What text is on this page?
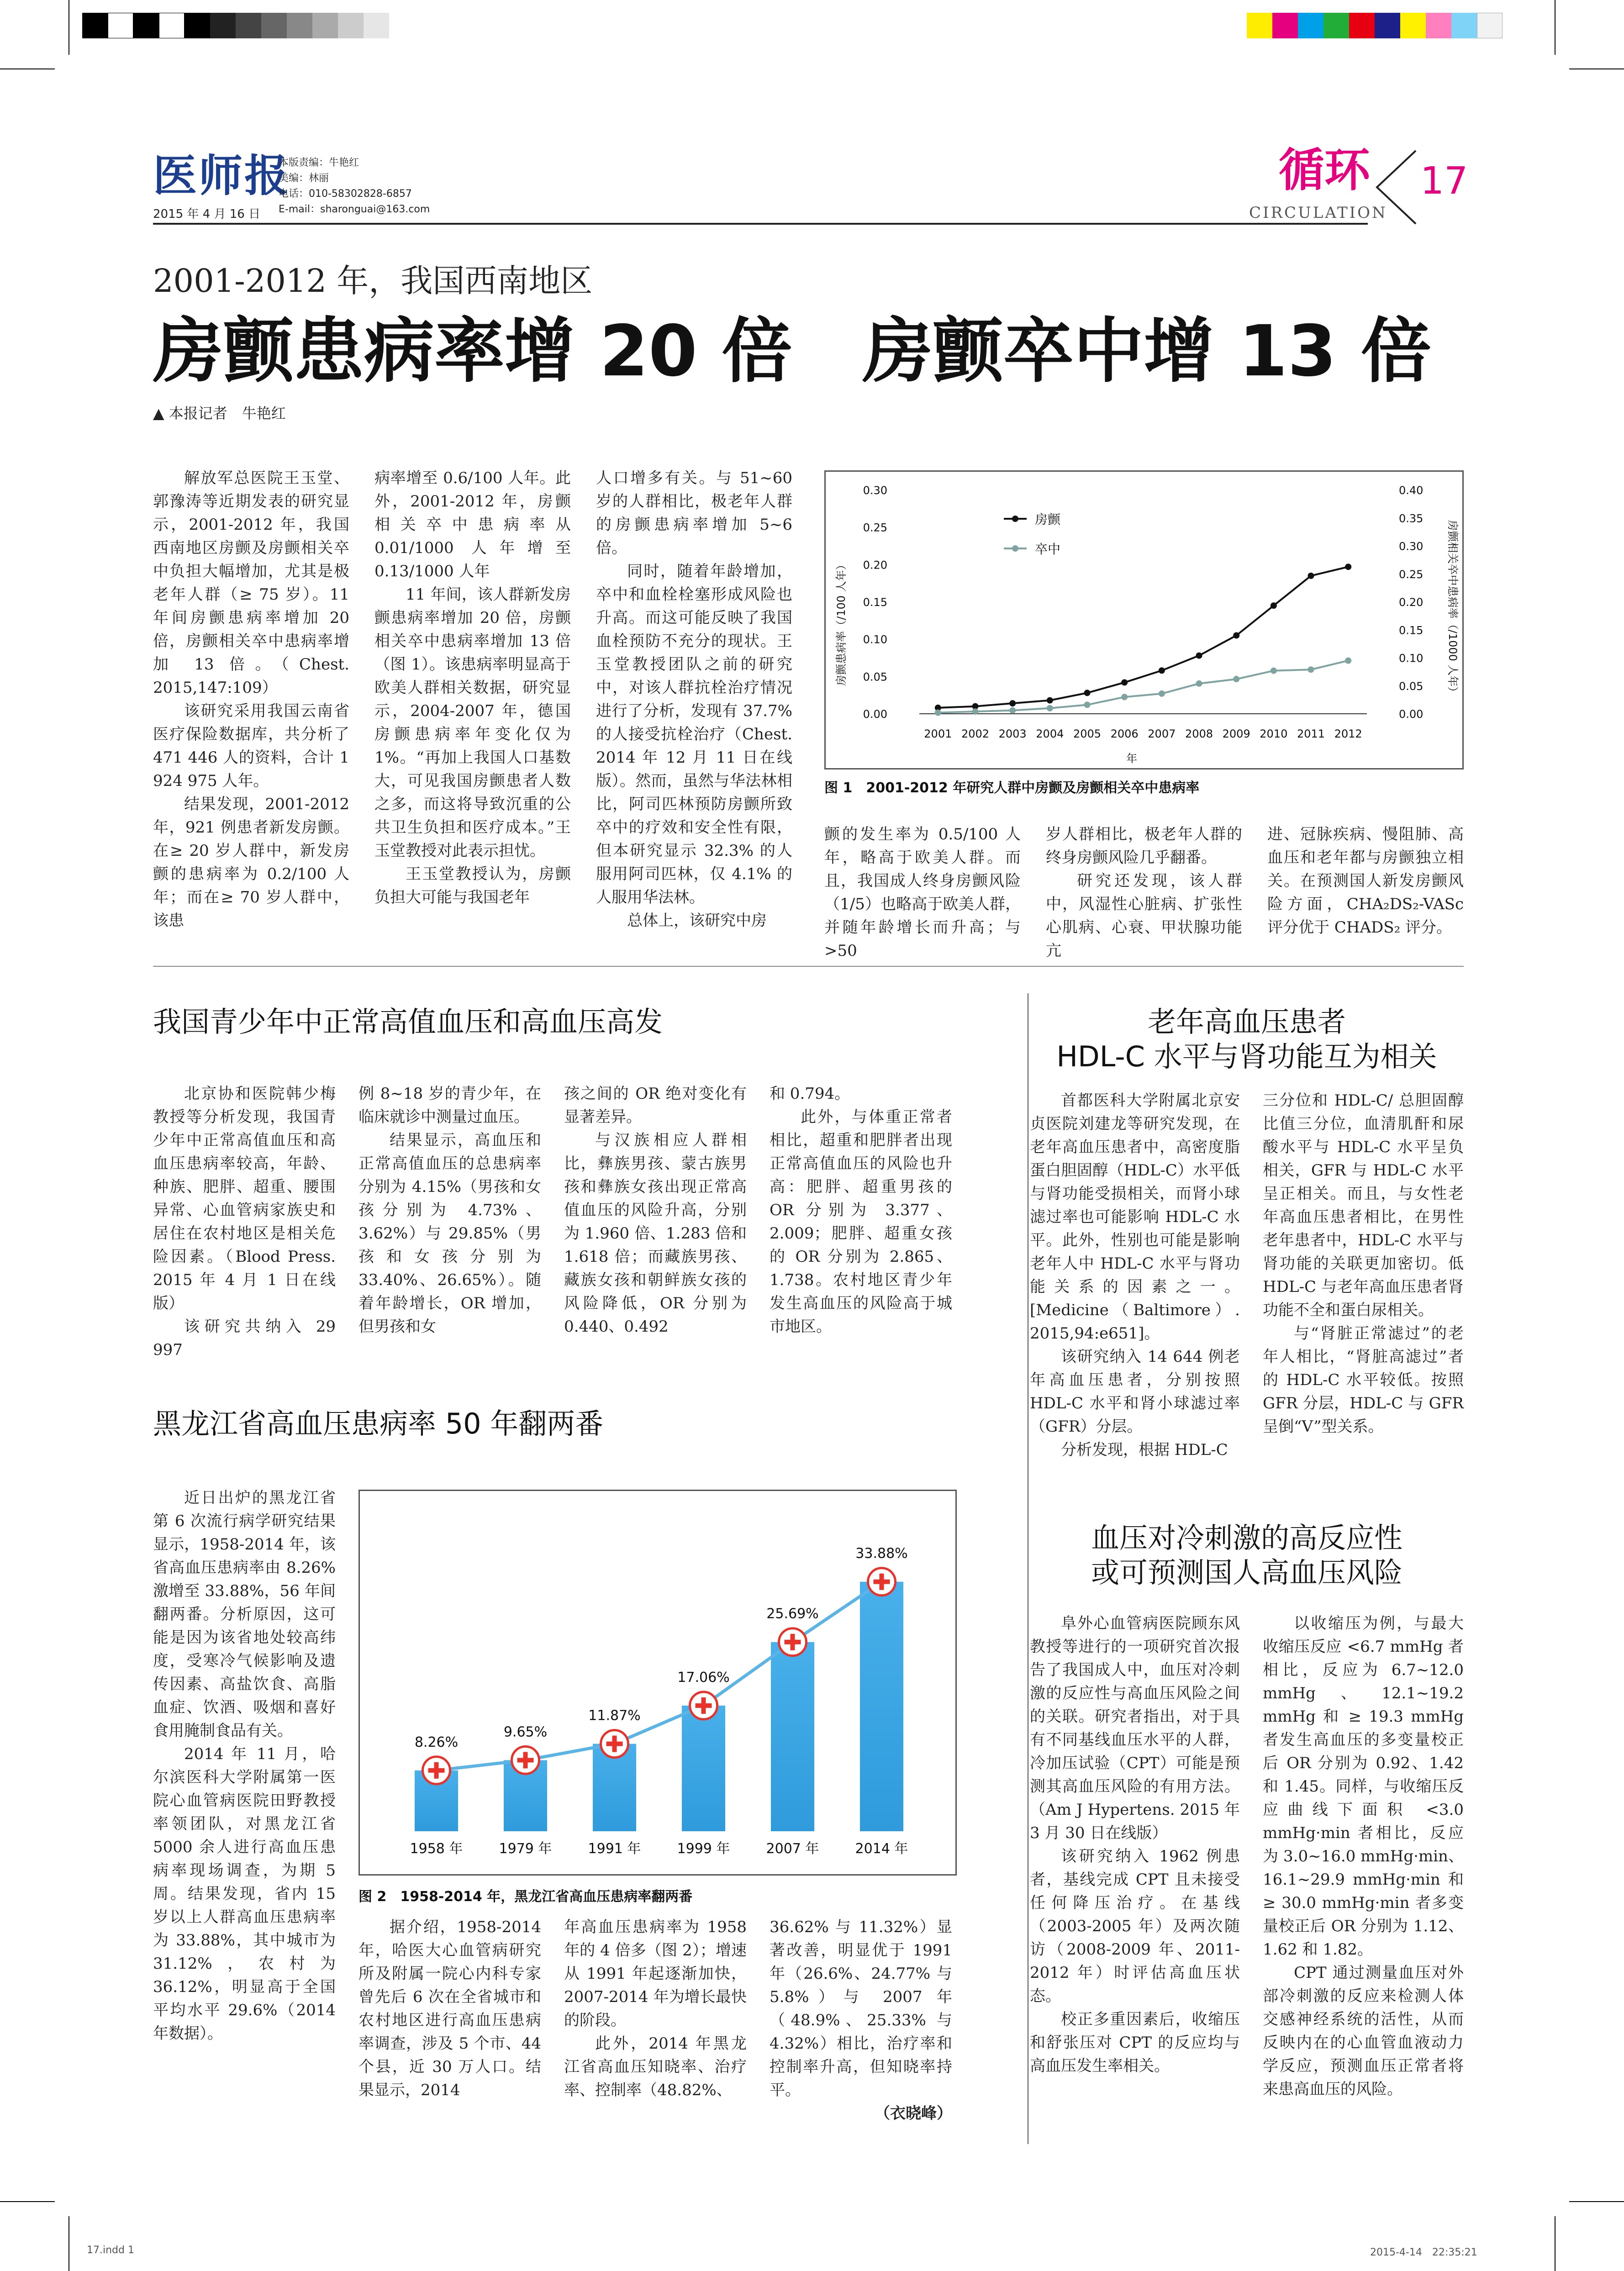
医师报
2015 年 4 月 16 日
本版责编：牛艳红
美编：林丽
电话：010-58302828-6857
E-mail：sharonguai@163.com
循环
CIRCULATION
17
2001-2012 年，我国西南地区
房颤患病率增 20 倍　房颤卒中增 13 倍
▲ 本报记者　牛艳红

解放军总医院王玉堂、郭豫涛等近期发表的研究显示，2001-2012 年，我国西南地区房颤及房颤相关卒中负担大幅增加，尤其是极老年人群（≥ 75 岁）。11 年间房颤患病率增加 20 倍，房颤相关卒中患病率增加 13 倍。（Chest. 2015,147:109）

该研究采用我国云南省医疗保险数据库，共分析了 471 446 人的资料，合计 1 924 975 人年。

结果发现，2001-2012 年，921 例患者新发房颤。在≥ 20 岁人群中，新发房颤的患病率为 0.2/100 人年；而在≥ 70 岁人群中，该患

病率增至 0.6/100 人年。此外，2001-2012 年，房颤相关卒中患病率从 0.01/1000 人年增至 0.13/1000 人年

11 年间，该人群新发房颤患病率增加 20 倍，房颤相关卒中患病率增加 13 倍（图 1）。该患病率明显高于欧美人群相关数据，研究显示，2004-2007 年，德国房颤患病率年变化仅为 1%。“再加上我国人口基数大，可见我国房颤患者人数之多，而这将导致沉重的公共卫生负担和医疗成本。”王玉堂教授对此表示担忧。

王玉堂教授认为，房颤负担大可能与我国老年

人口增多有关。与 51~60 岁的人群相比，极老年人群的房颤患病率增加 5~6 倍。

同时，随着年龄增加，卒中和血栓栓塞形成风险也升高。而这可能反映了我国血栓预防不充分的现状。王玉堂教授团队之前的研究中，对该人群抗栓治疗情况进行了分析，发现有 37.7% 的人接受抗栓治疗（Chest. 2014 年 12 月 11 日在线版）。然而，虽然与华法林相比，阿司匹林预防房颤所致卒中的疗效和安全性有限，但本研究显示 32.3% 的人服用阿司匹林，仅 4.1% 的人服用华法林。

总体上，该研究中房

0.00
0.05
0.10
0.15
0.20
0.25
0.30
0.00
0.05
0.10
0.15
0.20
0.25
0.30
0.35
0.40
2001 2002 2003 2004 2005 2006 2007 2008 2009 2010 2011 2012
房颤
卒中
房颤患病率（/100 人年）	房颤相关卒中患病率（/1000 人年）
年
图 1　2001-2012 年研究人群中房颤及房颤相关卒中患病率

颤的发生率为 0.5/100 人年，略高于欧美人群。而且，我国成人终身房颤风险（1/5）也略高于欧美人群，并随年龄增长而升高；与 >50

岁人群相比，极老年人群的终身房颤风险几乎翻番。

研究还发现，该人群中，风湿性心脏病、扩张性心肌病、心衰、甲状腺功能亢

进、冠脉疾病、慢阻肺、高血压和老年都与房颤独立相关。在预测国人新发房颤风险方面，CHA₂DS₂-VASc 评分优于 CHADS₂ 评分。

我国青少年中正常高值血压和高血压高发

北京协和医院韩少梅教授等分析发现，我国青少年中正常高值血压和高血压患病率较高，年龄、种族、肥胖、超重、腰围异常、心血管病家族史和居住在农村地区是相关危险因素。（Blood Press. 2015 年 4 月 1 日在线版）

该研究共纳入 29 997

例 8~18 岁的青少年，在临床就诊中测量过血压。

结果显示，高血压和正常高值血压的总患病率分别为 4.15%（男孩和女孩分别为 4.73%、3.62%）与 29.85%（男孩和女孩分别为 33.40%、26.65%）。随着年龄增长，OR 增加，但男孩和女

孩之间的 OR 绝对变化有显著差异。

与汉族相应人群相比，彝族男孩、蒙古族男孩和彝族女孩出现正常高值血压的风险升高，分别为 1.960 倍、1.283 倍和 1.618 倍；而藏族男孩、藏族女孩和朝鲜族女孩的风险降低，OR 分别为 0.440、0.492

和 0.794。

此外，与体重正常者相比，超重和肥胖者出现正常高值血压的风险也升高：肥胖、超重男孩的 OR 分别为 3.377、2.009；肥胖、超重女孩的 OR 分别为 2.865、1.738。农村地区青少年发生高血压的风险高于城市地区。

黑龙江省高血压患病率 50 年翻两番

近日出炉的黑龙江省第 6 次流行病学研究结果显示，1958-2014 年，该省高血压患病率由 8.26% 激增至 33.88%，56 年间翻两番。分析原因，这可能是因为该省地处较高纬度，受寒冷气候影响及遗传因素、高盐饮食、高脂血症、饮酒、吸烟和喜好食用腌制食品有关。

2014 年 11 月，哈尔滨医科大学附属第一医院心血管病医院田野教授率领团队，对黑龙江省 5000 余人进行高血压患病率现场调查，为期 5 周。结果发现，省内 15 岁以上人群高血压患病率为 33.88%，其中城市为 31.12%，农村为 36.12%，明显高于全国平均水平 29.6%（2014 年数据）。

8.26%
9.65%
11.87%
17.06%
25.69%
33.88%
1958 年	1979 年	1991 年	1999 年	2007 年	2014 年
图 2　1958-2014 年，黑龙江省高血压患病率翻两番

据介绍，1958-2014 年，哈医大心血管病研究所及附属一院心内科专家曾先后 6 次在全省城市和农村地区进行高血压患病率调查，涉及 5 个市、44 个县，近 30 万人口。结果显示，2014

年高血压患病率为 1958 年的 4 倍多（图 2）；增速从 1991 年起逐渐加快，2007-2014 年为增长最快的阶段。

此外，2014 年黑龙江省高血压知晓率、治疗率、控制率（48.82%、

36.62% 与 11.32%）显著改善，明显优于 1991 年（26.6%、24.77% 与 5.8%）与 2007 年（48.9%、25.33% 与 4.32%）相比，治疗率和控制率升高，但知晓率持平。

（衣晓峰）

老年高血压患者
HDL-C 水平与肾功能互为相关

首都医科大学附属北京安贞医院刘建龙等研究发现，在老年高血压患者中，高密度脂蛋白胆固醇（HDL-C）水平低与肾功能受损相关，而肾小球滤过率也可能影响 HDL-C 水平。此外，性别也可能是影响老年人中 HDL-C 水平与肾功能关系的因素之一。[Medicine（Baltimore）. 2015,94:e651]。

该研究纳入 14 644 例老年高血压患者，分别按照 HDL-C 水平和肾小球滤过率（GFR）分层。

分析发现，根据 HDL-C

三分位和 HDL-C/ 总胆固醇比值三分位，血清肌酐和尿酸水平与 HDL-C 水平呈负相关，GFR 与 HDL-C 水平呈正相关。而且，与女性老年高血压患者相比，在男性老年患者中，HDL-C 水平与肾功能的关联更加密切。低 HDL-C 与老年高血压患者肾功能不全和蛋白尿相关。

与“肾脏正常滤过”的老年人相比，“肾脏高滤过”者的 HDL-C 水平较低。按照 GFR 分层，HDL-C 与 GFR 呈倒“V”型关系。

血压对冷刺激的高反应性
或可预测国人高血压风险

阜外心血管病医院顾东风教授等进行的一项研究首次报告了我国成人中，血压对冷刺激的反应性与高血压风险之间的关联。研究者指出，对于具有不同基线血压水平的人群，冷加压试验（CPT）可能是预测其高血压风险的有用方法。（Am J Hypertens. 2015 年 3 月 30 日在线版）

该研究纳入 1962 例患者，基线完成 CPT 且未接受任何降压治疗。在基线（2003-2005 年）及两次随访（2008-2009 年、2011-2012 年）时评估高血压状态。

校正多重因素后，收缩压和舒张压对 CPT 的反应均与高血压发生率相关。

以收缩压为例，与最大收缩压反应 <6.7 mmHg 者相比，反应为 6.7~12.0 mmHg、12.1~19.2 mmHg 和 ≥ 19.3 mmHg 者发生高血压的多变量校正后 OR 分别为 0.92、1.42 和 1.45。同样，与收缩压反应曲线下面积 <3.0 mmHg·min 者相比，反应为 3.0~16.0 mmHg·min、16.1~29.9 mmHg·min 和 ≥ 30.0 mmHg·min 者多变量校正后 OR 分别为 1.12、1.62 和 1.82。

CPT 通过测量血压对外部冷刺激的反应来检测人体交感神经系统的活性，从而反映内在的心血管血液动力学反应，预测血压正常者将来患高血压的风险。

17.indd 1	2015-4-14　22:35:21
